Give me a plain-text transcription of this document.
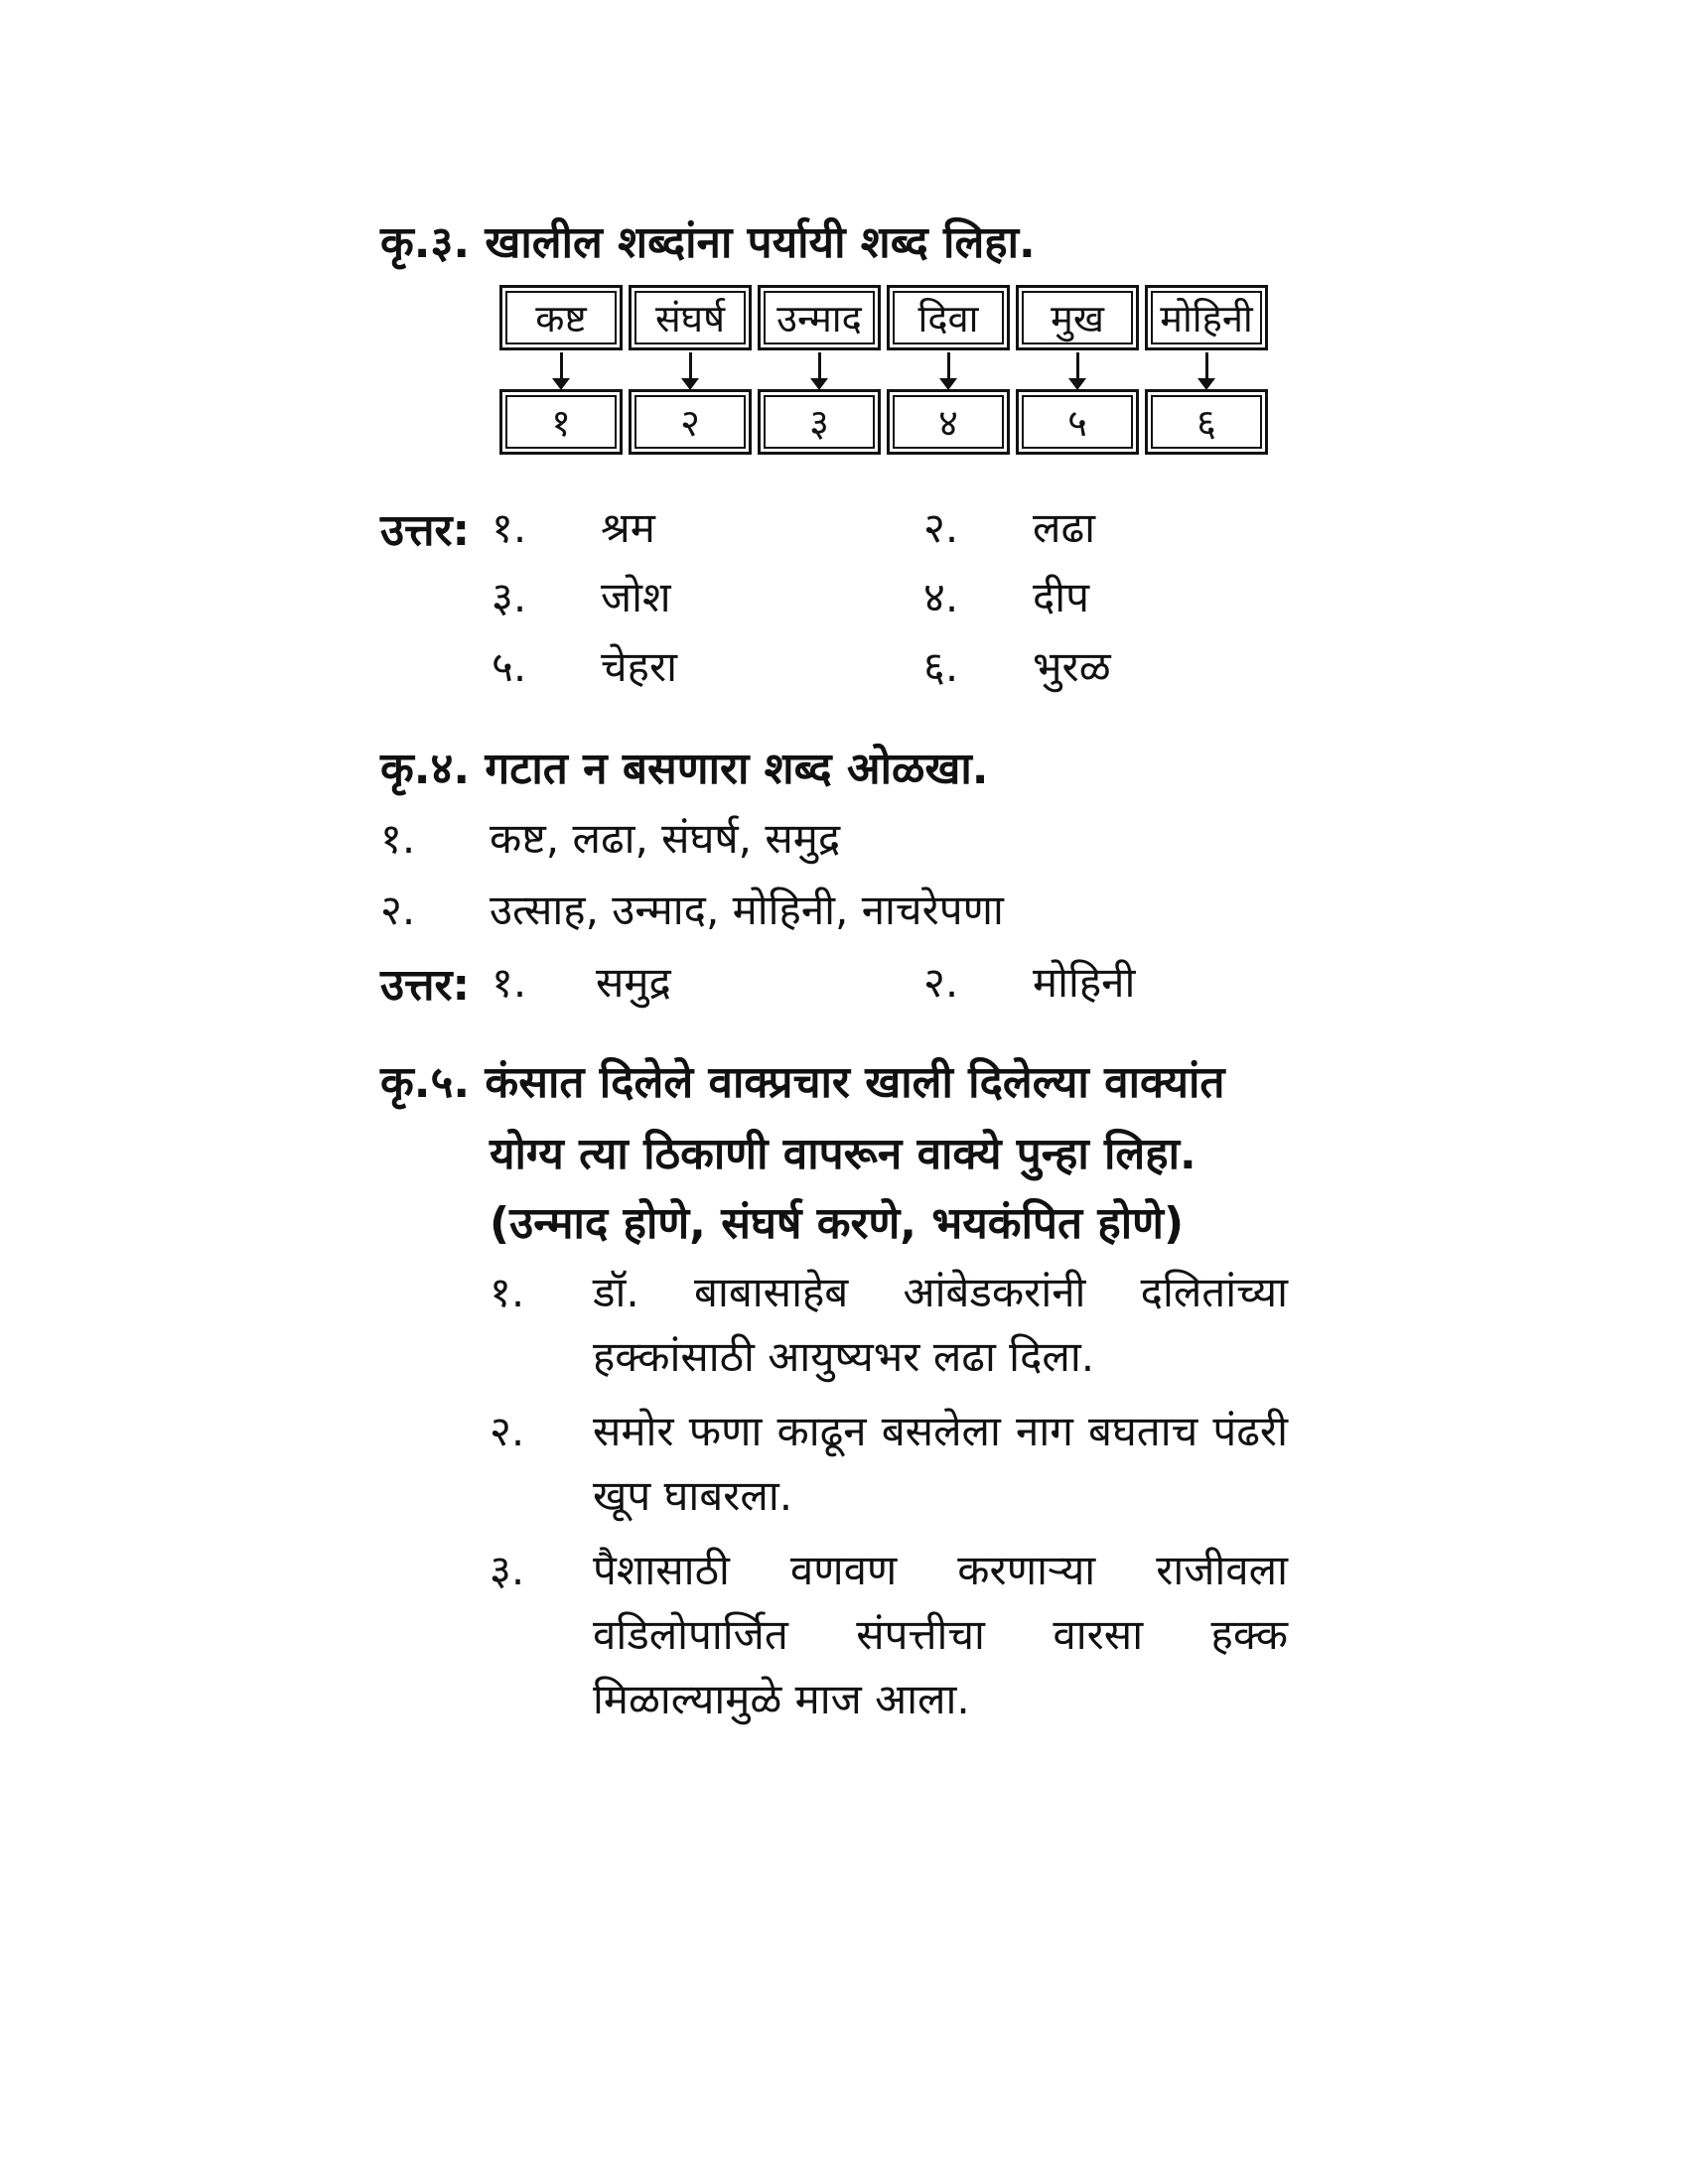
कृ.३. खालील शब्दांना पर्यायी शब्द लिहा.
कष्ट संघर्ष उन्माद दिवा मुख मोहिनी
१	२	३	४	५	६
उत्तर: १. श्रम	२. लढा
३. जोश	४. दीप
५. चेहरा	६. भुरळ
कृ.४. गटात न बसणारा शब्द ओळखा.
१. कष्ट, लढा, संघर्ष, समुद्र
२. उत्साह, उन्माद, मोहिनी, नाचरेपणा
उत्तर: १. समुद्र	२. मोहिनी
कृ.५. कंसात दिलेले वाक्प्रचार खाली दिलेल्या वाक्यांत
योग्य त्या ठिकाणी वापरून वाक्ये पुन्हा लिहा.
(उन्माद होणे, संघर्ष करणे, भयकंपित होणे)
१. डॉ. बाबासाहेब आंबेडकरांनी दलितांच्या
हक्कांसाठी आयुष्यभर लढा दिला.
२. समोर फणा काढून बसलेला नाग बघताच पंढरी
खूप घाबरला.
३. पैशासाठी वणवण करणाऱ्या राजीवला
वडिलोपार्जित संपत्तीचा वारसा हक्क
मिळाल्यामुळे माज आला.
